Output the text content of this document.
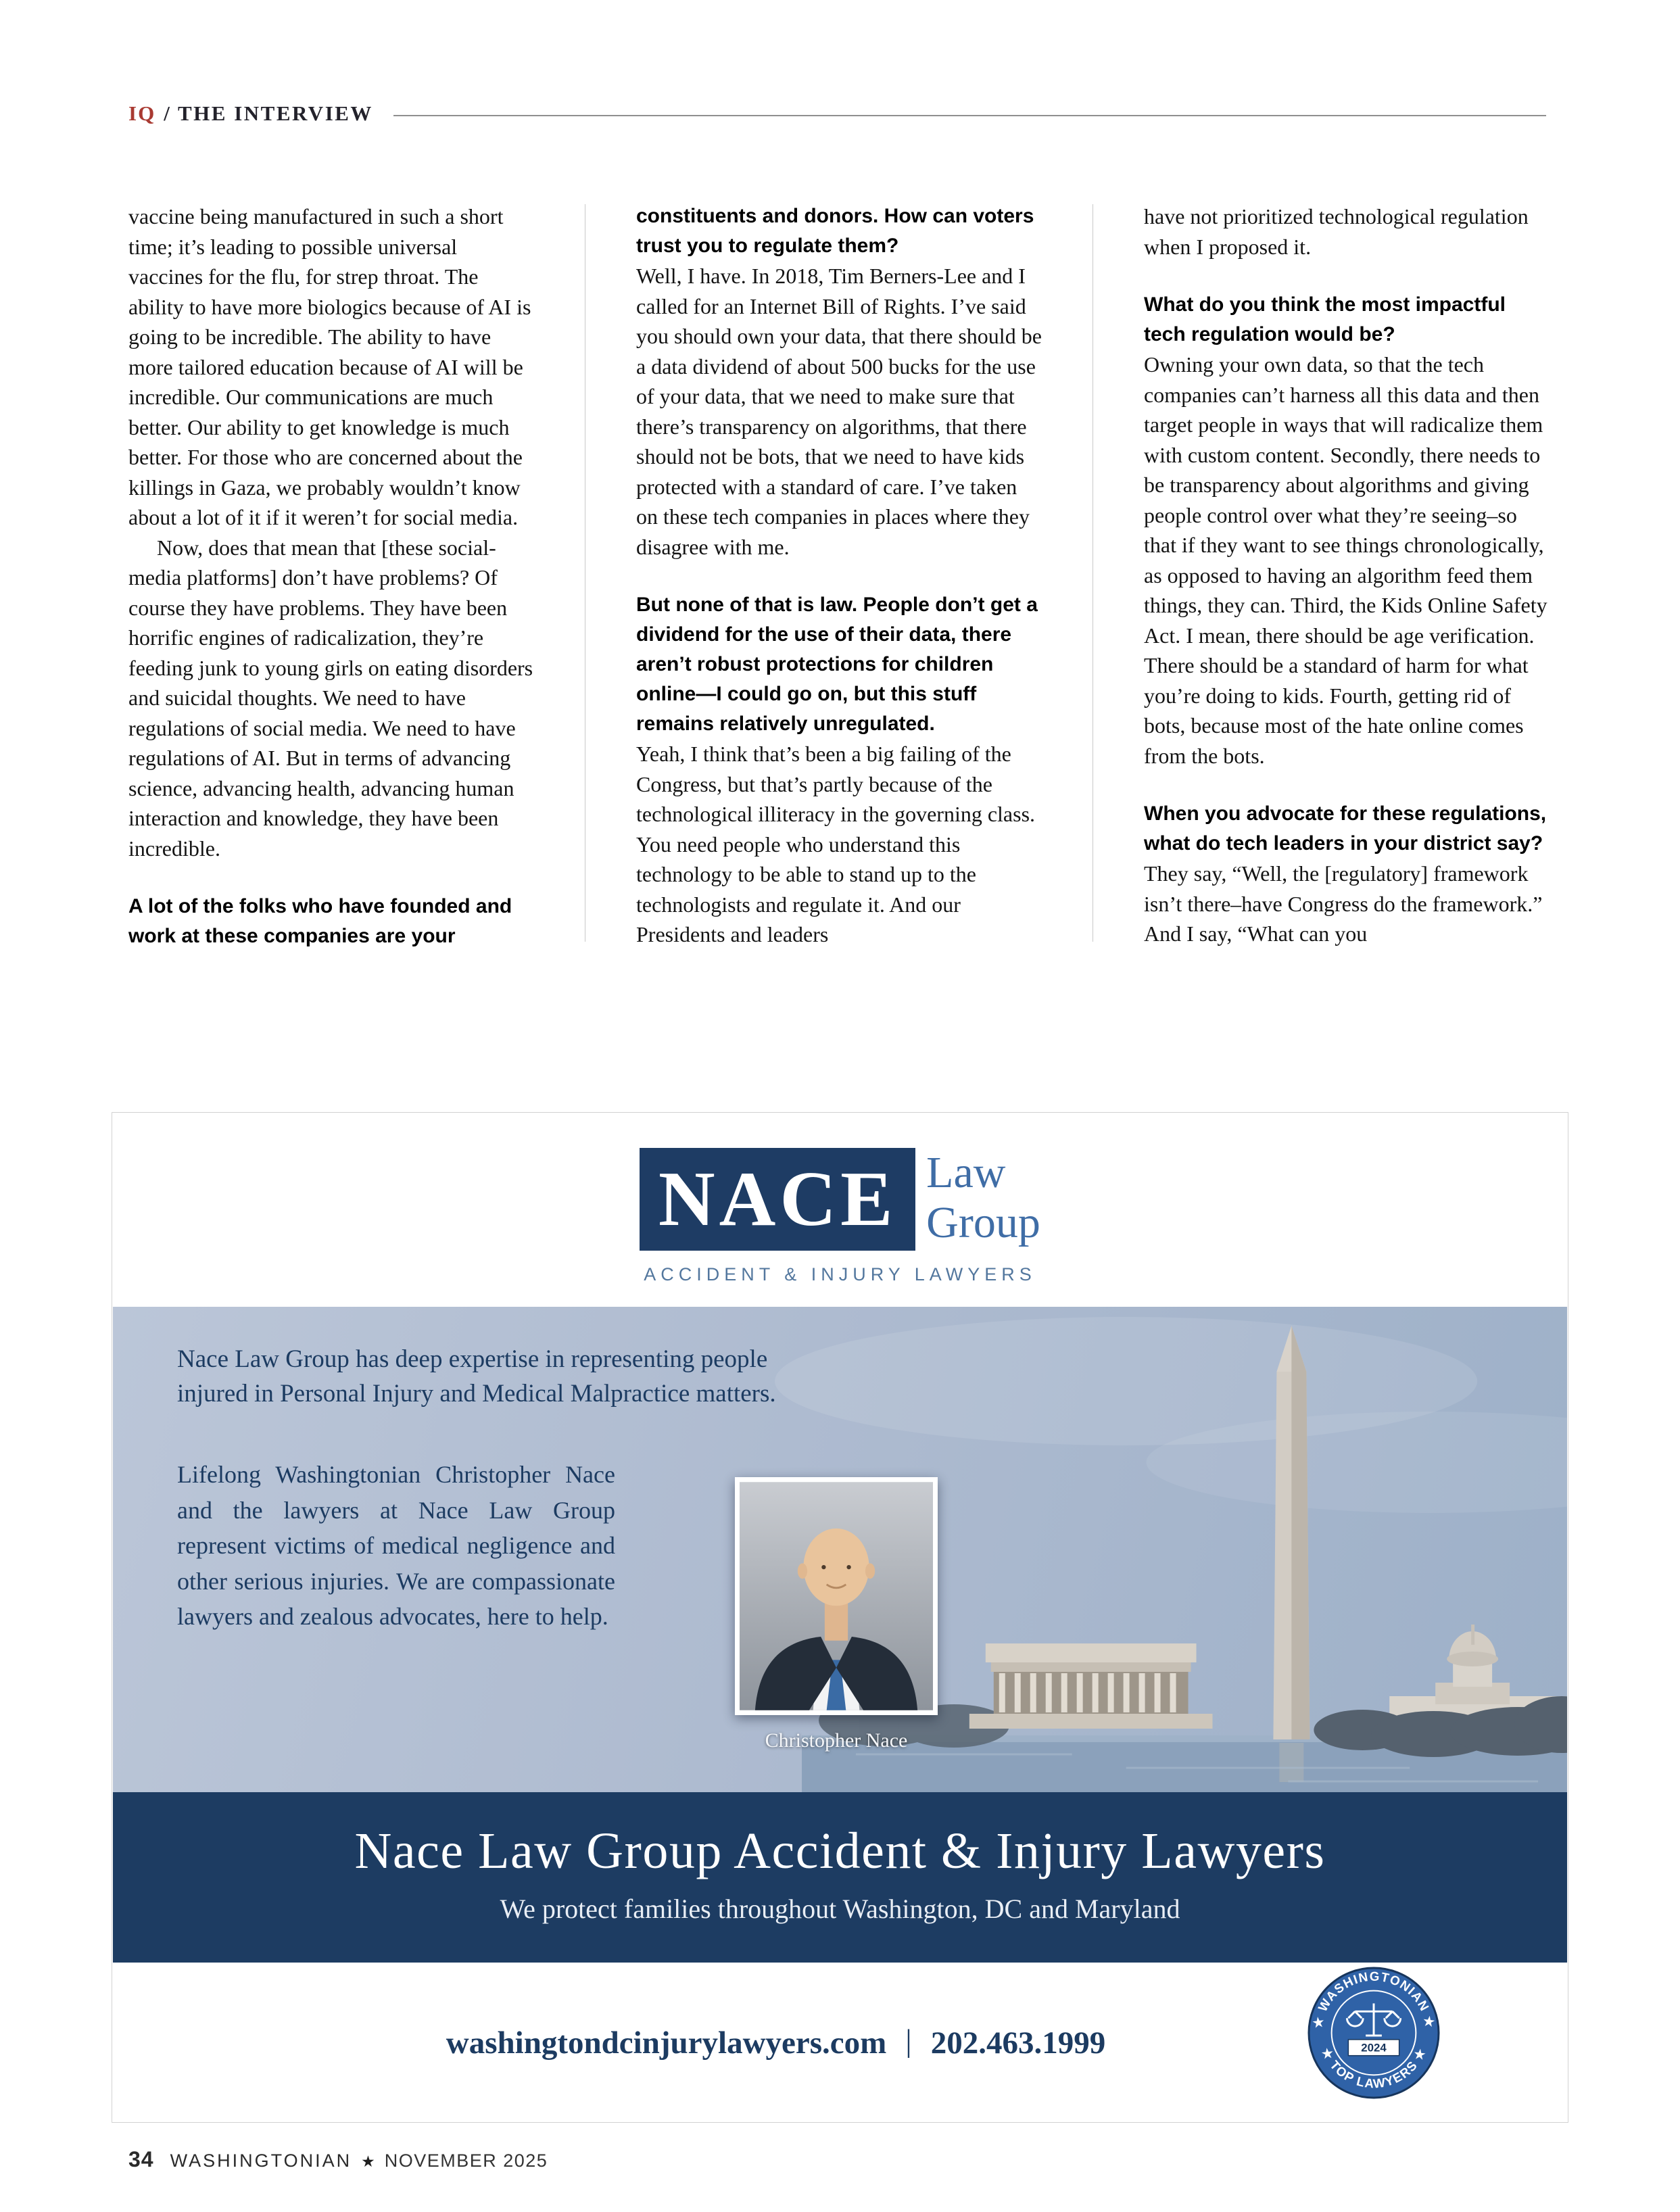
IQ / THE INTERVIEW

vaccine being manufactured in such a short time; it’s leading to possible universal vaccines for the flu, for strep throat. The ability to have more biologics because of AI is going to be incredible. The ability to have more tailored education because of AI will be incredible. Our communications are much better. Our ability to get knowledge is much better. For those who are concerned about the killings in Gaza, we probably wouldn’t know about a lot of it if it weren’t for social media.

Now, does that mean that [these social-media platforms] don’t have problems? Of course they have problems. They have been horrific engines of radicalization, they’re feeding junk to young girls on eating disorders and suicidal thoughts. We need to have regulations of social media. We need to have regulations of AI. But in terms of advancing science, advancing health, advancing human interaction and knowledge, they have been incredible.

A lot of the folks who have founded and work at these companies are your

constituents and donors. How can voters trust you to regulate them?

Well, I have. In 2018, Tim Berners-Lee and I called for an Internet Bill of Rights. I’ve said you should own your data, that there should be a data dividend of about 500 bucks for the use of your data, that we need to make sure that there’s transparency on algorithms, that there should not be bots, that we need to have kids protected with a standard of care. I’ve taken on these tech companies in places where they disagree with me.

But none of that is law. People don’t get a dividend for the use of their data, there aren’t robust protections for children online—I could go on, but this stuff remains relatively unregulated.

Yeah, I think that’s been a big failing of the Congress, but that’s partly because of the technological illiteracy in the governing class. You need people who understand this technology to be able to stand up to the technologists and regulate it. And our Presidents and leaders

have not prioritized technological regulation when I proposed it.

What do you think the most impactful tech regulation would be?

Owning your own data, so that the tech companies can’t harness all this data and then target people in ways that will radicalize them with custom content. Secondly, there needs to be transparency about algorithms and giving people control over what they’re seeing–so that if they want to see things chronologically, as opposed to having an algorithm feed them things, they can. Third, the Kids Online Safety Act. I mean, there should be age verification. There should be a standard of harm for what you’re doing to kids. Fourth, getting rid of bots, because most of the hate online comes from the bots.

When you advocate for these regulations, what do tech leaders in your district say?

They say, “Well, the [regulatory] framework isn’t there–have Congress do the framework.” And I say, “What can you

NACE Law
Group
ACCIDENT & INJURY LAWYERS

Nace Law Group has deep expertise in representing people injured in Personal Injury and Medical Malpractice matters.

Lifelong Washingtonian Christopher Nace and the lawyers at Nace Law Group represent victims of medical negligence and other serious injuries. We are compassionate lawyers and zealous advocates, here to help.

Christopher Nace
Nace Law Group Accident & Injury Lawyers
We protect families throughout Washington, DC and Maryland
washingtondcinjurylawyers.com | 202.463.1999
★ WASHINGTONIAN ★
★ TOP LAWYERS ★
2024
34 WASHINGTONIAN ★ NOVEMBER 2025
